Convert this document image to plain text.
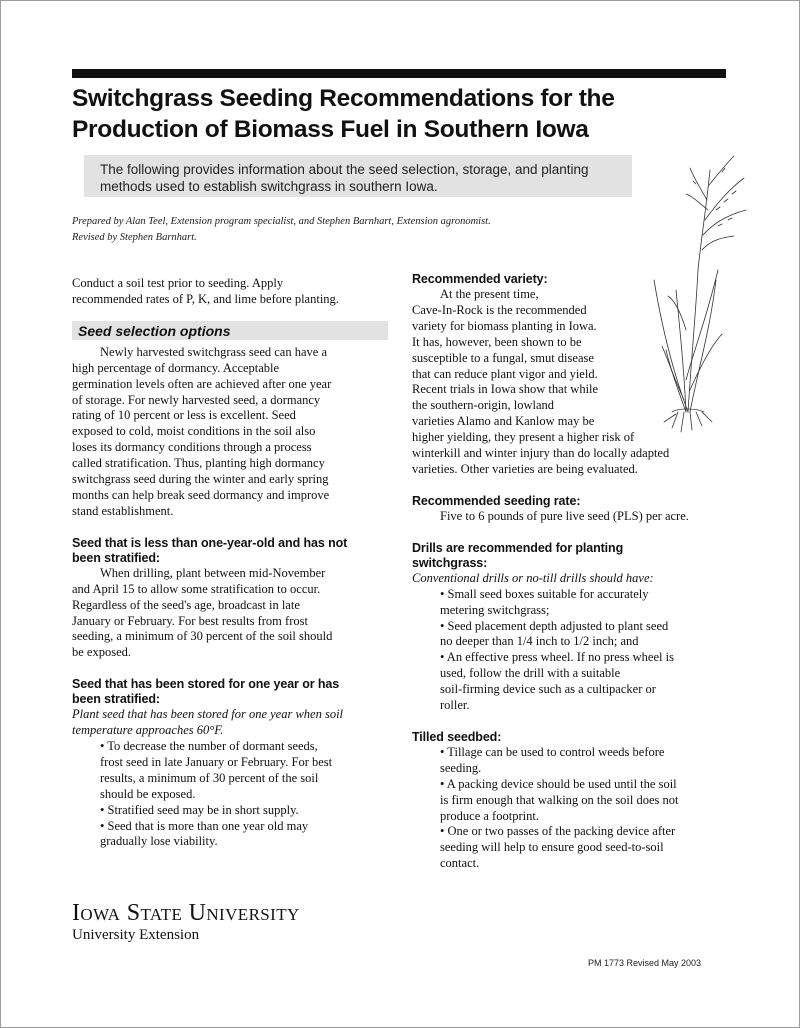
Switchgrass Seeding Recommendations for the
Production of Biomass Fuel in Southern Iowa
The following provides information about the seed selection, storage, and planting
methods used to establish switchgrass in southern Iowa.
Prepared by Alan Teel, Extension program specialist, and Stephen Barnhart, Extension agronomist.
Revised by Stephen Barnhart.

Conduct a soil test prior to seeding. Apply
recommended rates of P, K, and lime before planting.

Seed selection options

Newly harvested switchgrass seed can have a
high percentage of dormancy. Acceptable
germination levels often are achieved after one year
of storage. For newly harvested seed, a dormancy
rating of 10 percent or less is excellent. Seed
exposed to cold, moist conditions in the soil also
loses its dormancy conditions through a process
called stratification. Thus, planting high dormancy
switchgrass seed during the winter and early spring
months can help break seed dormancy and improve
stand establishment.

Seed that is less than one-year-old and has not
been stratified:

When drilling, plant between mid-November
and April 15 to allow some stratification to occur.
Regardless of the seed's age, broadcast in late
January or February. For best results from frost
seeding, a minimum of 30 percent of the soil should
be exposed.

Seed that has been stored for one year or has
been stratified:

Plant seed that has been stored for one year when soil
temperature approaches 60°F.

• To decrease the number of dormant seeds,
frost seed in late January or February. For best
results, a minimum of 30 percent of the soil
should be exposed.
• Stratified seed may be in short supply.
• Seed that is more than one year old may
gradually lose viability.

Recommended variety:

At the present time,
Cave-In-Rock is the recommended
variety for biomass planting in Iowa.
It has, however, been shown to be
susceptible to a fungal, smut disease
that can reduce plant vigor and yield.
Recent trials in Iowa show that while
the southern-origin, lowland
varieties Alamo and Kanlow may be
higher yielding, they present a higher risk of
winterkill and winter injury than do locally adapted
varieties. Other varieties are being evaluated.

Recommended seeding rate:

Five to 6 pounds of pure live seed (PLS) per acre.

Drills are recommended for planting
switchgrass:

Conventional drills or no-till drills should have:

• Small seed boxes suitable for accurately
metering switchgrass;
• Seed placement depth adjusted to plant seed
no deeper than 1/4 inch to 1/2 inch; and
• An effective press wheel. If no press wheel is
used, follow the drill with a suitable
soil-firming device such as a cultipacker or
roller.

Tilled seedbed:

• Tillage can be used to control weeds before
seeding.
• A packing device should be used until the soil
is firm enough that walking on the soil does not
produce a footprint.
• One or two passes of the packing device after
seeding will help to ensure good seed-to-soil
contact.

Iowa State University
University Extension
PM 1773 Revised May 2003
